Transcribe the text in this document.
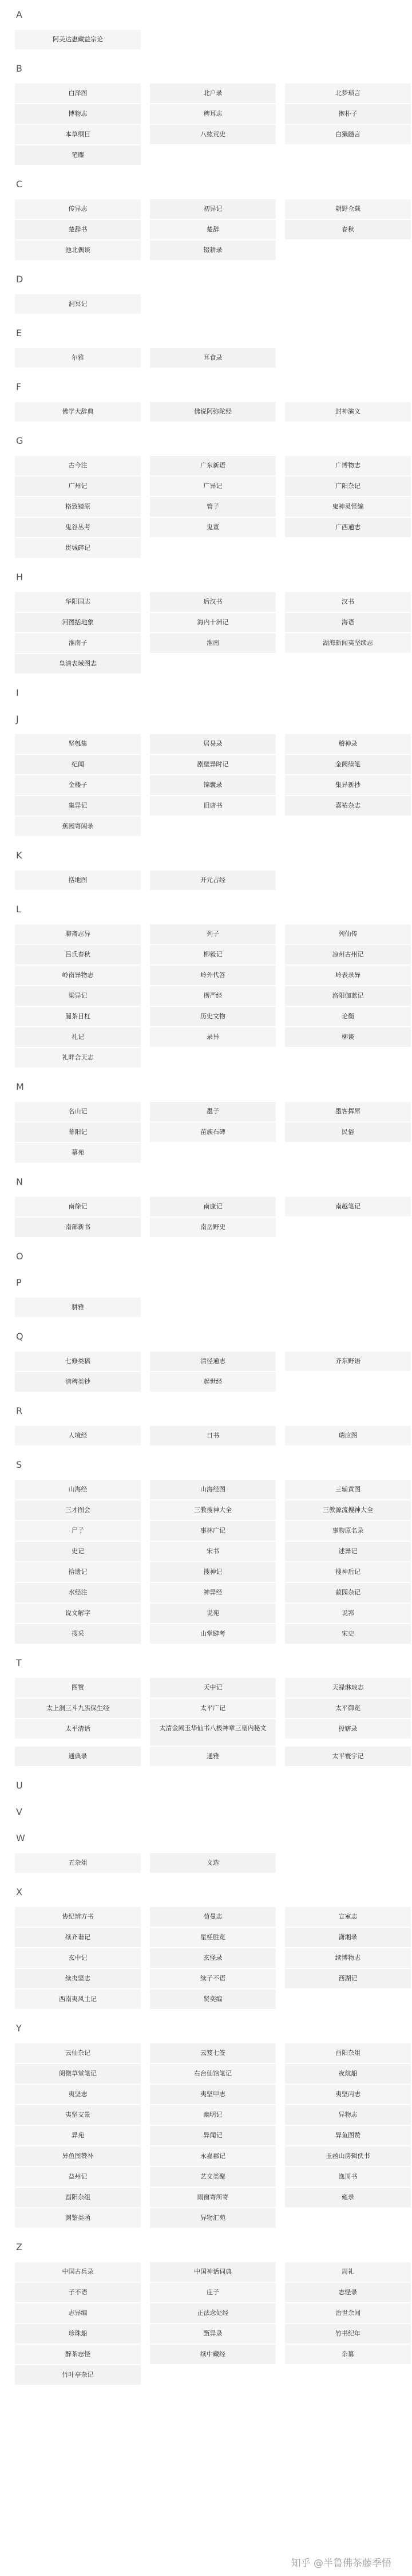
A
阿美达惠藏益宗论
B
白泽图	北户录	北梦琐言
博物志	稗耳志	抱朴子
本草纲目	八纮荒史	白獭髓言
笔麈
C
传异志	初异记	朝野佥载
楚辞书	楚辞	春秋
池北偶谈	辍耕录
D
洞冥记
E
尔雅	耳食录
F
佛学大辞典	佛说阿弥陀经	封神演义
G
古今注	广东新语	广博物志
广州记	广异记	广阳杂记
格致镜原	管子	鬼神灵怪编
鬼谷丛考	鬼董	广西通志
贯城碎记
H
华阳国志	后汉书	汉书
河图括地象	海内十洲记	海语
淮南子	淮南	湖海新闻夷坚续志
皇清表域图志
I
J
坚瓠集	居易录	稽神录
纪闻	剧壁异时记	金阙续笔
金楼子	锦囊录	集异新抄
集异记	旧唐书	嘉祐杂志
蕉园寄闲录
K
括地图	开元占经
L
聊斋志异	列子	列仙传
吕氏春秋	柳毅记	凉州古州记
岭南异物志	岭外代答	岭表录异
梁异记	楞严经	洛阳伽蓝记
閬茶目杠	历史文物	论衡
礼记	录异	柳谈
礼畔合天志
M
名山记	墨子	墨客挥犀
幕阳记	苗族石碑	民俗
幕苑
N
南徐记	南康记	南越笔记
南部新书	南岳野史
O
P
骈雅
Q
七修类稿	清径通志	齐东野语
清稗类钞	起世经
R
人境经	日书	瑞应图
S
山海经	山海经图	三辅黄图
三才图会	三教搜神大全	三教源流搜神大全
尸子	事林广记	事物原名录
史记	宋书	述异记
拾遗记	搜神记	搜神后记
水经注	神异经	菽园杂记
说文解字	说苑	说郛
搜采	山堂肆考	宋史
T
图赞	天中记	天禄琳琅志
太上洞三斗九炁保生经	太平广记	太平御览
太平清话	太清金阙玉华仙书八极神章三皇内秘文	投辖录
通典录	通雅	太平寰宇记
U
V
W
五杂俎	文选
X
协纪辨方书	荀曼志	宣室志
续齐谐记	星槎胜览	潇湘录
玄中记	玄怪录	续博物志
续夷坚志	续子不语	西湖记
西南夷风土记	贤奕编
Y
云仙杂记	云笈七签	酉阳杂俎
阅微草堂笔记	右台仙馆笔记	夜航船
夷坚志	夷坚甲志	夷坚丙志
夷坚支景	幽明记	异物志
异苑	异闻记	异鱼图赞
异鱼图赞补	永嘉郡记	玉函山房辑佚书
益州记	艺文类聚	逸周书
酉阳杂组	雨窗寄所寄	雍录
渊鉴类函	异物汇苑
Z
中国古兵录	中国神话词典	周礼
子不语	庄子	志怪录
志异编	正法念处经	治世余闻
珍珠船	甄异录	竹书纪年
醉茶志怪	续中藏经	杂纂
竹叶亭杂记
知乎 @半鲁佛茶藤季悟
